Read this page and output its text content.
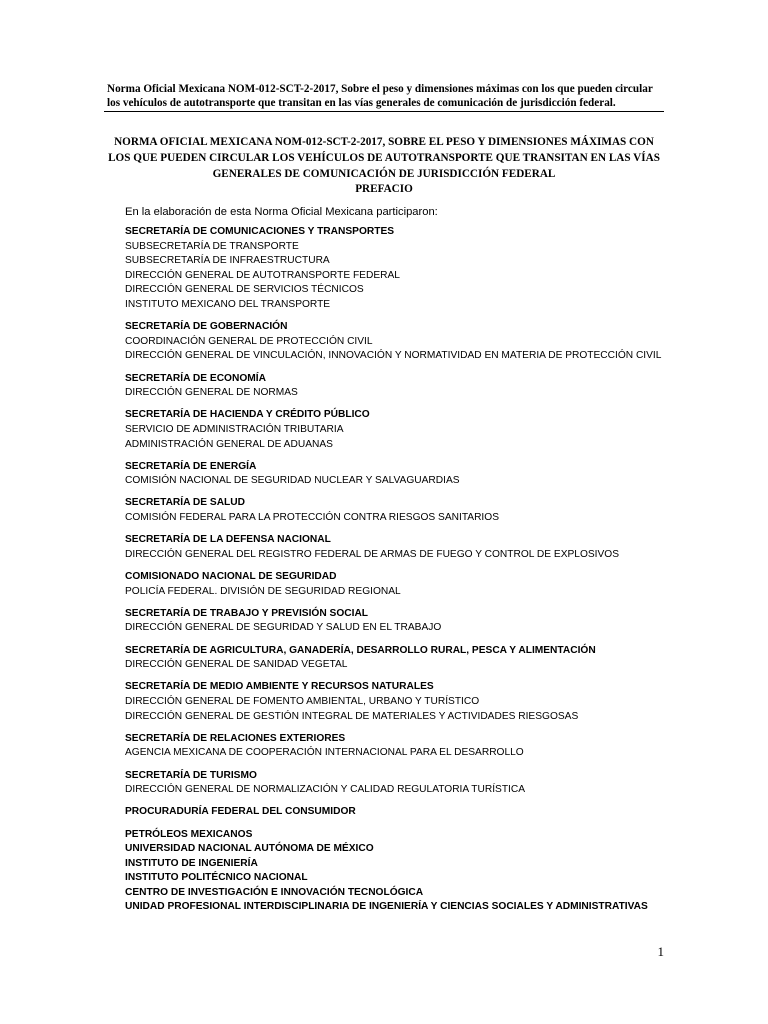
Norma Oficial Mexicana NOM-012-SCT-2-2017, Sobre el peso y dimensiones máximas con los que pueden circular los vehículos de autotransporte que transitan en las vías generales de comunicación de jurisdicción federal.
NORMA OFICIAL MEXICANA NOM-012-SCT-2-2017, SOBRE EL PESO Y DIMENSIONES MÁXIMAS CON LOS QUE PUEDEN CIRCULAR LOS VEHÍCULOS DE AUTOTRANSPORTE QUE TRANSITAN EN LAS VÍAS GENERALES DE COMUNICACIÓN DE JURISDICCIÓN FEDERAL
PREFACIO
En la elaboración de esta Norma Oficial Mexicana participaron:
SECRETARÍA DE COMUNICACIONES Y TRANSPORTES
SUBSECRETARÍA DE TRANSPORTE
SUBSECRETARÍA DE INFRAESTRUCTURA
DIRECCIÓN GENERAL DE AUTOTRANSPORTE FEDERAL
DIRECCIÓN GENERAL DE SERVICIOS TÉCNICOS
INSTITUTO MEXICANO DEL TRANSPORTE
SECRETARÍA DE GOBERNACIÓN
COORDINACIÓN GENERAL DE PROTECCIÓN CIVIL
DIRECCIÓN GENERAL DE VINCULACIÓN, INNOVACIÓN Y NORMATIVIDAD EN MATERIA DE PROTECCIÓN CIVIL
SECRETARÍA DE ECONOMÍA
DIRECCIÓN GENERAL DE NORMAS
SECRETARÍA DE HACIENDA Y CRÉDITO PÚBLICO
SERVICIO DE ADMINISTRACIÓN TRIBUTARIA
ADMINISTRACIÓN GENERAL DE ADUANAS
SECRETARÍA DE ENERGÍA
COMISIÓN NACIONAL DE SEGURIDAD NUCLEAR Y SALVAGUARDIAS
SECRETARÍA DE SALUD
COMISIÓN FEDERAL PARA LA PROTECCIÓN CONTRA RIESGOS SANITARIOS
SECRETARÍA DE LA DEFENSA NACIONAL
DIRECCIÓN GENERAL DEL REGISTRO FEDERAL DE ARMAS DE FUEGO Y CONTROL DE EXPLOSIVOS
COMISIONADO NACIONAL DE SEGURIDAD
POLICÍA FEDERAL. DIVISIÓN DE SEGURIDAD REGIONAL
SECRETARÍA DE TRABAJO Y PREVISIÓN SOCIAL
DIRECCIÓN GENERAL DE SEGURIDAD Y SALUD EN EL TRABAJO
SECRETARÍA DE AGRICULTURA, GANADERÍA, DESARROLLO RURAL, PESCA Y ALIMENTACIÓN
DIRECCIÓN GENERAL DE SANIDAD VEGETAL
SECRETARÍA DE MEDIO AMBIENTE Y RECURSOS NATURALES
DIRECCIÓN GENERAL DE FOMENTO AMBIENTAL, URBANO Y TURÍSTICO
DIRECCIÓN GENERAL DE GESTIÓN INTEGRAL DE MATERIALES Y ACTIVIDADES RIESGOSAS
SECRETARÍA DE RELACIONES EXTERIORES
AGENCIA MEXICANA DE COOPERACIÓN INTERNACIONAL PARA EL DESARROLLO
SECRETARÍA DE TURISMO
DIRECCIÓN GENERAL DE NORMALIZACIÓN Y CALIDAD REGULATORIA TURÍSTICA
PROCURADURÍA FEDERAL DEL CONSUMIDOR
PETRÓLEOS MEXICANOS
UNIVERSIDAD NACIONAL AUTÓNOMA DE MÉXICO
INSTITUTO DE INGENIERÍA
INSTITUTO POLITÉCNICO NACIONAL
CENTRO DE INVESTIGACIÓN E INNOVACIÓN TECNOLÓGICA
UNIDAD PROFESIONAL INTERDISCIPLINARIA DE INGENIERÍA Y CIENCIAS SOCIALES Y ADMINISTRATIVAS
1
